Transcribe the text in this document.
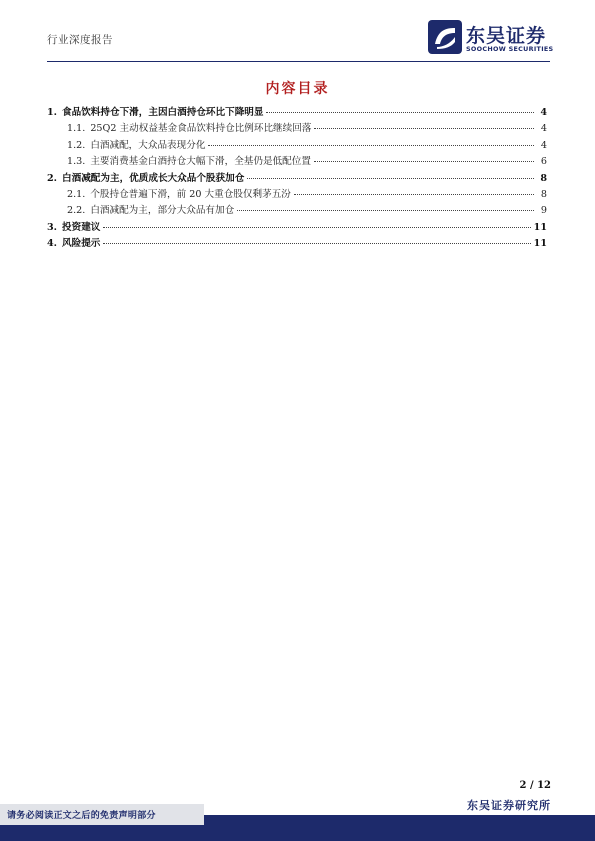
行业深度报告	东吴证券
SOOCHOW SECURITIES
内容目录
1. 食品饮料持仓下滑，主因白酒持仓环比下降明显	4
1.1. 25Q2 主动权益基金食品饮料持仓比例环比继续回落	4
1.2. 白酒减配，大众品表现分化	4
1.3. 主要消费基金白酒持仓大幅下滑，全基仍是低配位置	6
2. 白酒减配为主，优质成长大众品个股获加仓	8
2.1. 个股持仓普遍下滑，前 20 大重仓股仅剩茅五汾	8
2.2. 白酒减配为主，部分大众品有加仓	9
3. 投资建议	11
4. 风险提示	11
2 / 12
东吴证券研究所
请务必阅读正文之后的免责声明部分
